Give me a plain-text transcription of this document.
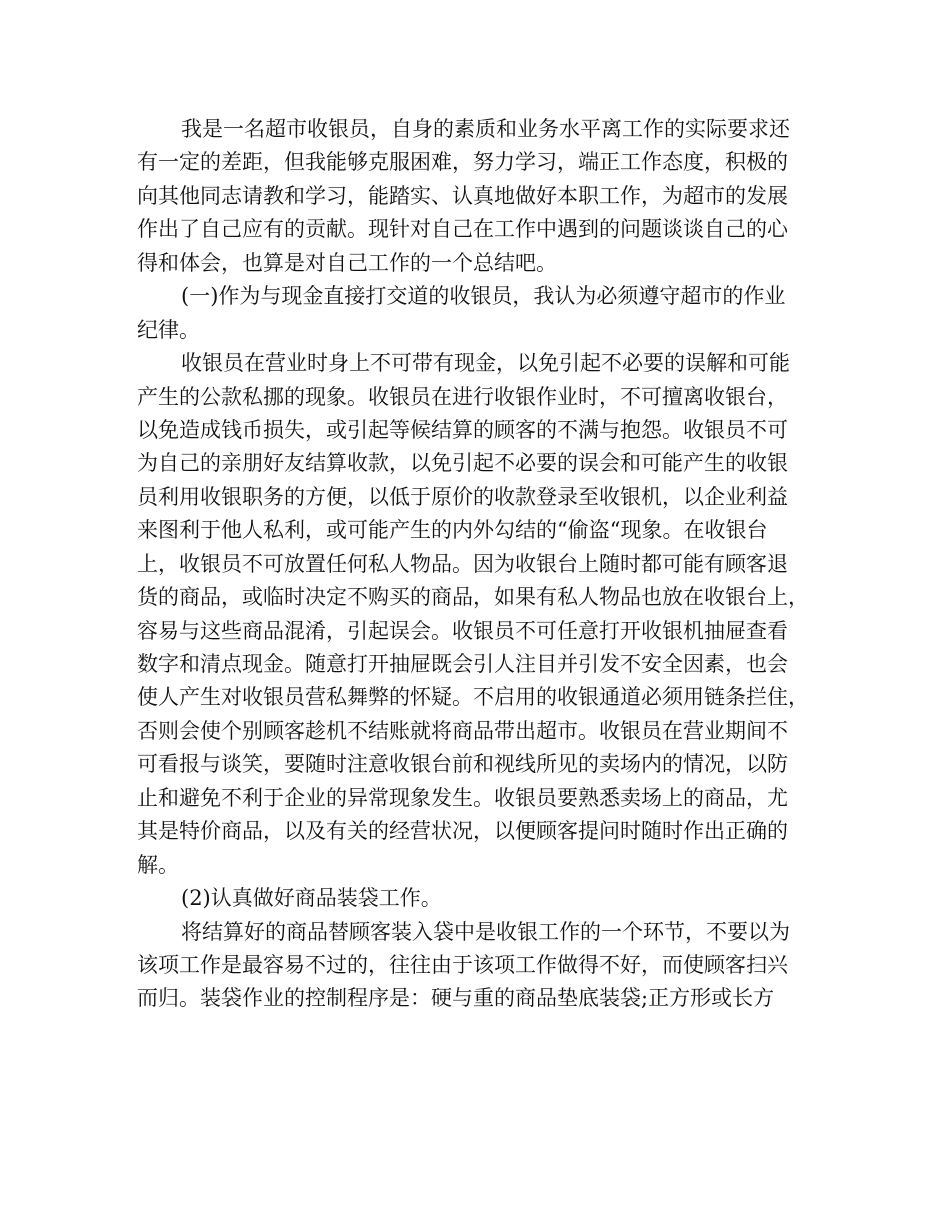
我是一名超市收银员，自身的素质和业务水平离工作的实际要求还
有一定的差距，但我能够克服困难，努力学习，端正工作态度，积极的
向其他同志请教和学习，能踏实、认真地做好本职工作，为超市的发展
作出了自己应有的贡献。现针对自己在工作中遇到的问题谈谈自己的心
得和体会，也算是对自己工作的一个总结吧。
(一)作为与现金直接打交道的收银员，我认为必须遵守超市的作业
纪律。
收银员在营业时身上不可带有现金，以免引起不必要的误解和可能
产生的公款私挪的现象。收银员在进行收银作业时，不可擅离收银台，
以免造成钱币损失，或引起等候结算的顾客的不满与抱怨。收银员不可
为自己的亲朋好友结算收款，以免引起不必要的误会和可能产生的收银
员利用收银职务的方便，以低于原价的收款登录至收银机，以企业利益
来图利于他人私利，或可能产生的内外勾结的“偷盗“现象。在收银台
上，收银员不可放置任何私人物品。因为收银台上随时都可能有顾客退
货的商品，或临时决定不购买的商品，如果有私人物品也放在收银台上，
容易与这些商品混淆，引起误会。收银员不可任意打开收银机抽屉查看
数字和清点现金。随意打开抽屉既会引人注目并引发不安全因素，也会
使人产生对收银员营私舞弊的怀疑。不启用的收银通道必须用链条拦住，
否则会使个别顾客趁机不结账就将商品带出超市。收银员在营业期间不
可看报与谈笑，要随时注意收银台前和视线所见的卖场内的情况，以防
止和避免不利于企业的异常现象发生。收银员要熟悉卖场上的商品，尤
其是特价商品，以及有关的经营状况，以便顾客提问时随时作出正确的
解。
(2)认真做好商品装袋工作。
将结算好的商品替顾客装入袋中是收银工作的一个环节，不要以为
该项工作是最容易不过的，往往由于该项工作做得不好，而使顾客扫兴
而归。装袋作业的控制程序是：硬与重的商品垫底装袋;正方形或长方
